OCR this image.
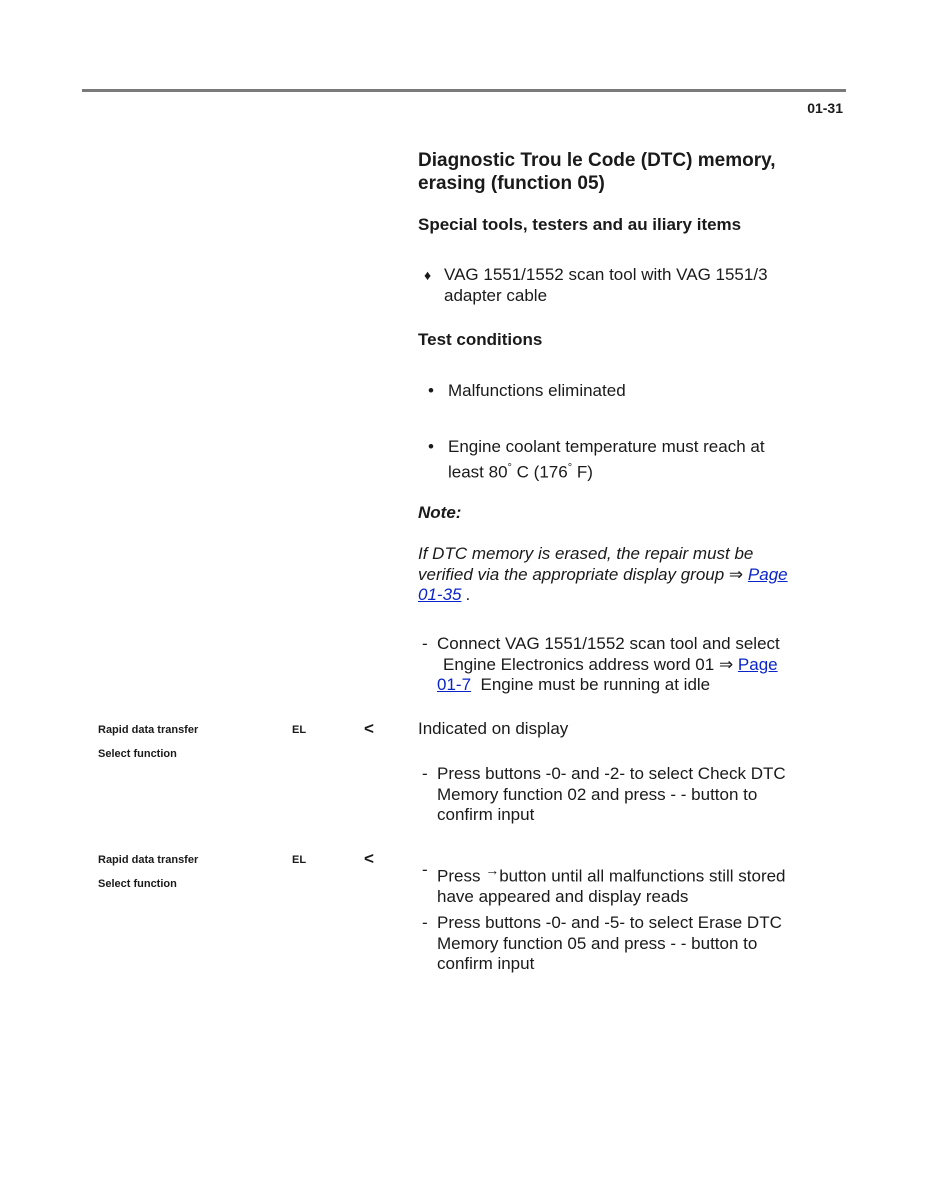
01-31
Diagnostic Trou le Code (DTC) memory,
erasing (function 05)
Special tools, testers and au iliary items
♦ VAG 1551/1552 scan tool with VAG 1551/3
adapter cable
Test conditions
• Malfunctions eliminated
• Engine coolant temperature must reach at
least 80° C (176° F)
Note:
If DTC memory is erased, the repair must be
verified via the appropriate display group ⇒ Page
01-35 .
- Connect VAG 1551/1552 scan tool and select
Engine Electronics address word 01 ⇒ Page
01-7  Engine must be running at idle
Rapid data transfer
Select function
EL	<	Indicated on display
- Press buttons -0- and -2- to select Check DTC
Memory function 02 and press - - button to
confirm input
Rapid data transfer
Select function
EL	<
- Press →button until all malfunctions still stored
have appeared and display reads
- Press buttons -0- and -5- to select Erase DTC
Memory function 05 and press - - button to
confirm input
